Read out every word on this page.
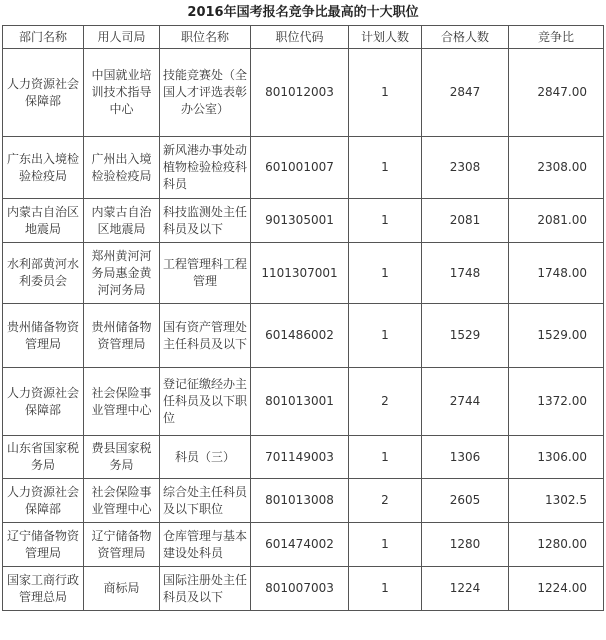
2016年国考报名竞争比最高的十大职位
部门名称	用人司局	职位名称	职位代码	计划人数	合格人数	竞争比
人力资源社会保障部	中国就业培训技术指导中心	技能竞赛处（全国人才评选表彰办公室）	801012003	1	2847	2847.00
广东出入境检验检疫局	广州出入境检验检疫局	新风港办事处动植物检验检疫科科员	601001007	1	2308	2308.00
内蒙古自治区地震局	内蒙古自治区地震局	科技监测处主任科员及以下	901305001	1	2081	2081.00
水利部黄河水利委员会	郑州黄河河务局惠金黄河河务局	工程管理科工程管理	1101307001	1	1748	1748.00
贵州储备物资管理局	贵州储备物资管理局	国有资产管理处主任科员及以下	601486002	1	1529	1529.00
人力资源社会保障部	社会保险事业管理中心	登记征缴经办主任科员及以下职位	801013001	2	2744	1372.00
山东省国家税务局	费县国家税务局	科员（三）	701149003	1	1306	1306.00
人力资源社会保障部	社会保险事业管理中心	综合处主任科员及以下职位	801013008	2	2605	1302.5
辽宁储备物资管理局	辽宁储备物资管理局	仓库管理与基本建设处科员	601474002	1	1280	1280.00
国家工商行政管理总局	商标局	国际注册处主任科员及以下	801007003	1	1224	1224.00
